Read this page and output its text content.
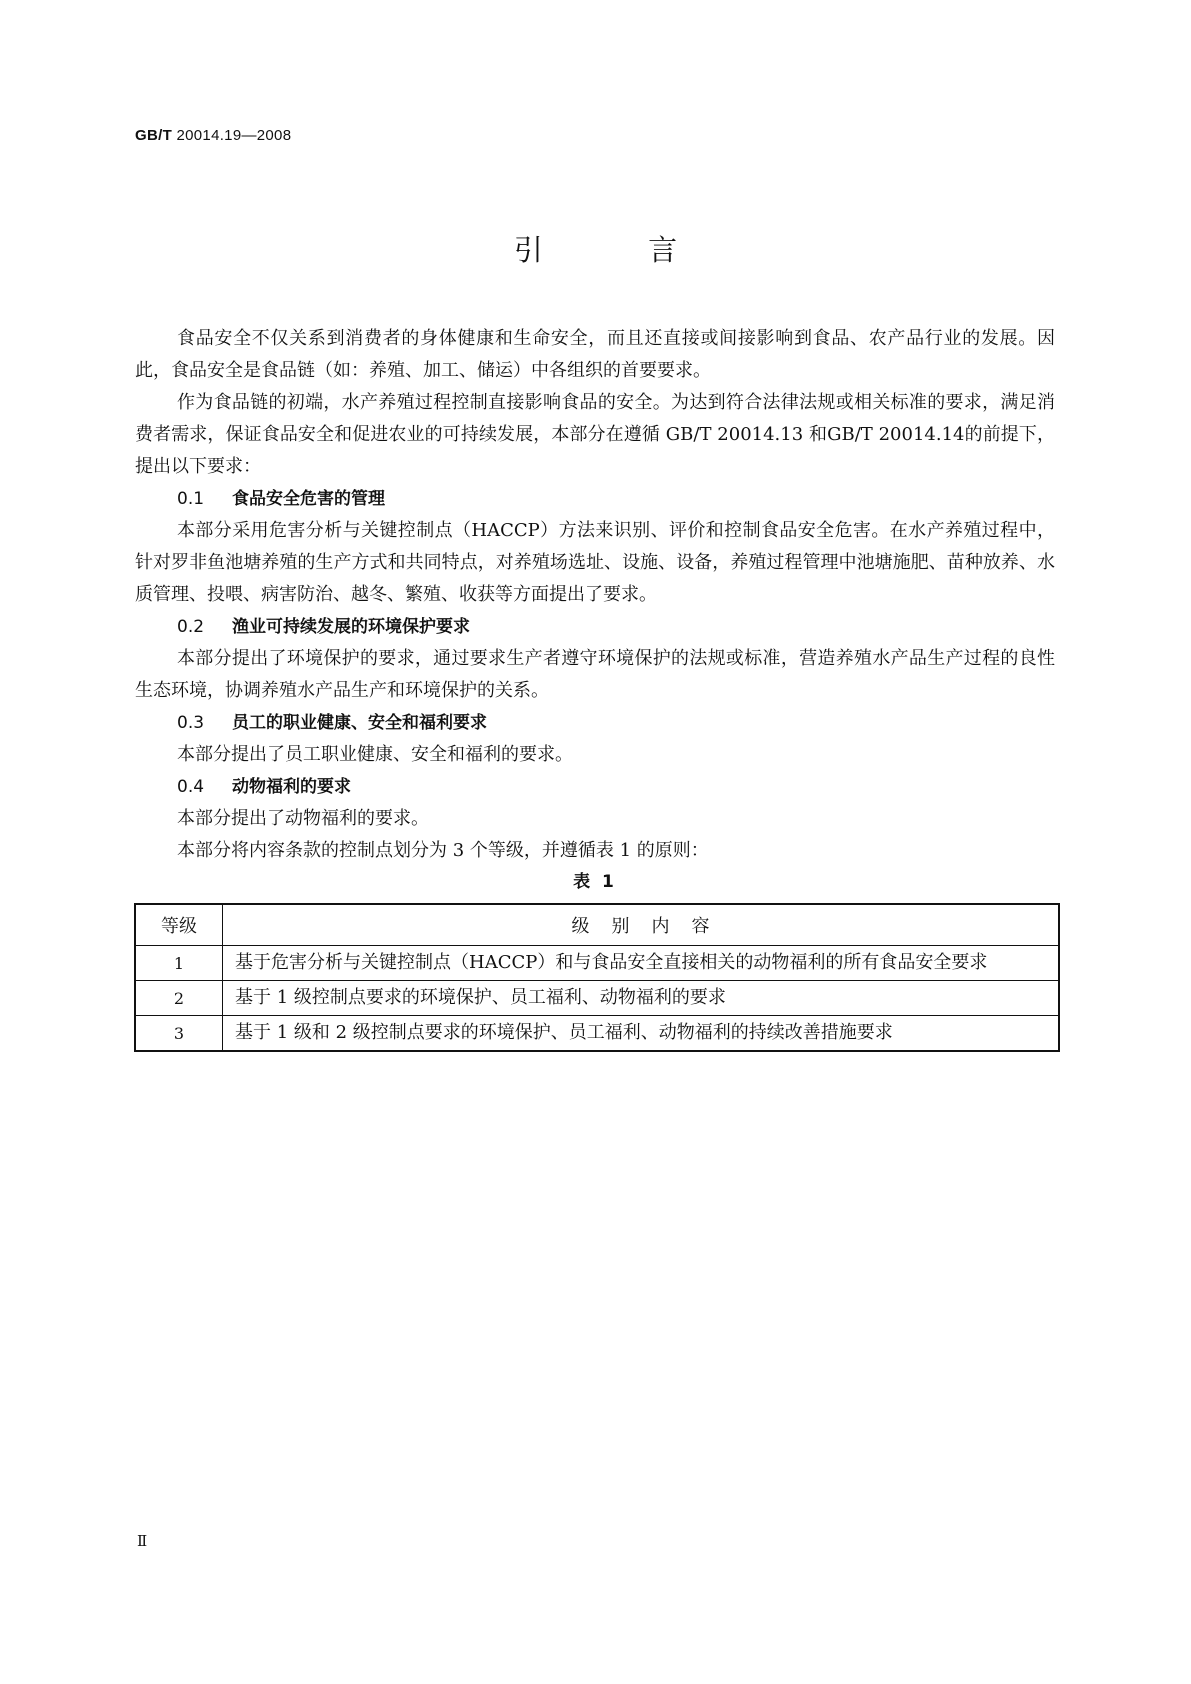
GB/T 20014.19—2008
引 言

食品安全不仅关系到消费者的身体健康和生命安全，而且还直接或间接影响到食品、农产品行业的发展。因此，食品安全是食品链（如：养殖、加工、储运）中各组织的首要要求。

作为食品链的初端，水产养殖过程控制直接影响食品的安全。为达到符合法律法规或相关标准的要求，满足消费者需求，保证食品安全和促进农业的可持续发展，本部分在遵循 GB/T 20014.13 和GB/T 20014.14的前提下，提出以下要求：

0.1 食品安全危害的管理

本部分采用危害分析与关键控制点（HACCP）方法来识别、评价和控制食品安全危害。在水产养殖过程中，针对罗非鱼池塘养殖的生产方式和共同特点，对养殖场选址、设施、设备，养殖过程管理中池塘施肥、苗种放养、水质管理、投喂、病害防治、越冬、繁殖、收获等方面提出了要求。

0.2 渔业可持续发展的环境保护要求

本部分提出了环境保护的要求，通过要求生产者遵守环境保护的法规或标准，营造养殖水产品生产过程的良性生态环境，协调养殖水产品生产和环境保护的关系。

0.3 员工的职业健康、安全和福利要求

本部分提出了员工职业健康、安全和福利的要求。

0.4 动物福利的要求

本部分提出了动物福利的要求。

本部分将内容条款的控制点划分为 3 个等级，并遵循表 1 的原则：

表 1

等级	级别内容
1	基于危害分析与关键控制点（HACCP）和与食品安全直接相关的动物福利的所有食品安全要求
2	基于 1 级控制点要求的环境保护、员工福利、动物福利的要求
3	基于 1 级和 2 级控制点要求的环境保护、员工福利、动物福利的持续改善措施要求
Ⅱ
